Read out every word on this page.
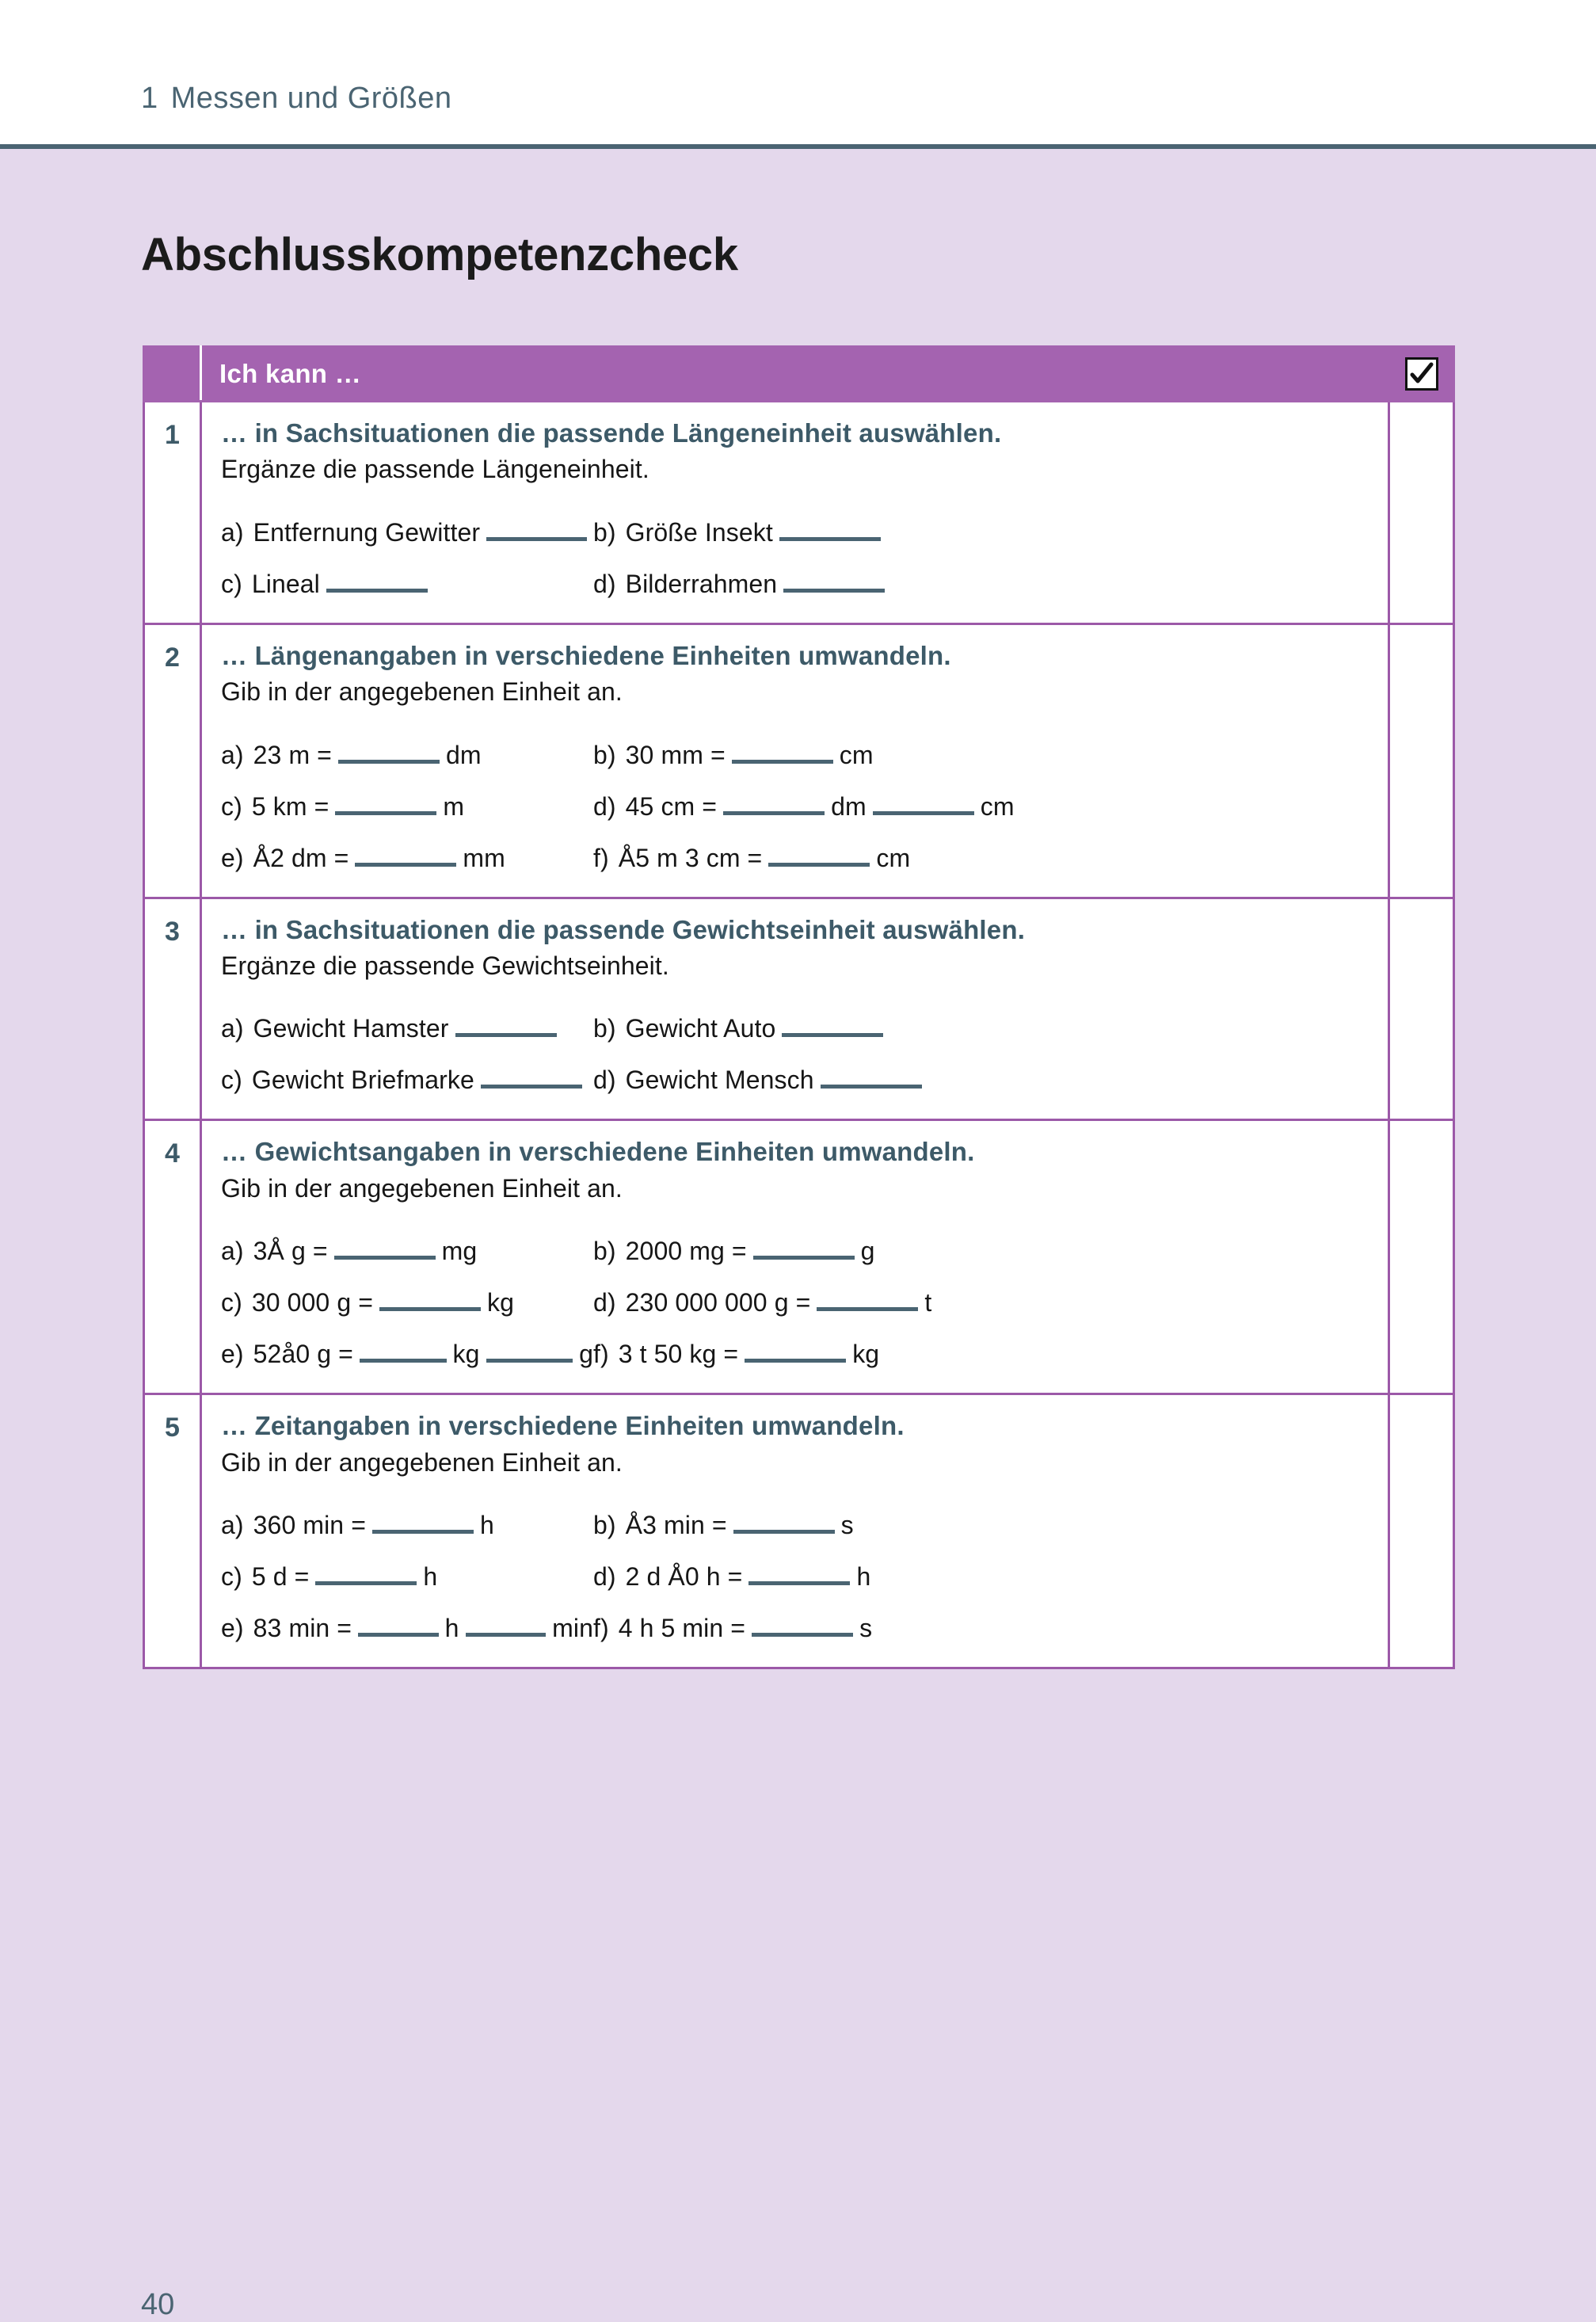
1 Messen und Größen
Abschlusskompetenzcheck
	Ich kann …	

1	… in Sachsituationen die passende Längeneinheit auswählen.
Ergänze die passende Längeneinheit.
a) Entfernung Gewitter	b) Größe Insekt
c) Lineal	d) Bilderrahmen

2	… Längenangaben in verschiedene Einheiten umwandeln.
Gib in der angegebenen Einheit an.
a) 23 m =	dm	b) 30 mm =	cm
c) 5 km =	m	d) 45 cm =	dm	cm
e) Å2 dm =	mm	f) Å5 m 3 cm =	cm

3	… in Sachsituationen die passende Gewichtseinheit auswählen.
Ergänze die passende Gewichtseinheit.
a) Gewicht Hamster	b) Gewicht Auto
c) Gewicht Briefmarke	d) Gewicht Mensch

4	… Gewichtsangaben in verschiedene Einheiten umwandeln.
Gib in der angegebenen Einheit an.
a) 3Å g =	mg	b) 2000 mg =	g
c) 30 000 g =	kg	d) 230 000 000 g =	t
e) 52å0 g =	kg	g f) 3 t 50 kg =	kg

5	… Zeitangaben in verschiedene Einheiten umwandeln.
Gib in der angegebenen Einheit an.
a) 360 min =	h	b) Å3 min =	s
c) 5 d =	h	d) 2 d Å0 h =	h
e) 83 min =	h	min f) 4 h 5 min =	s

40
